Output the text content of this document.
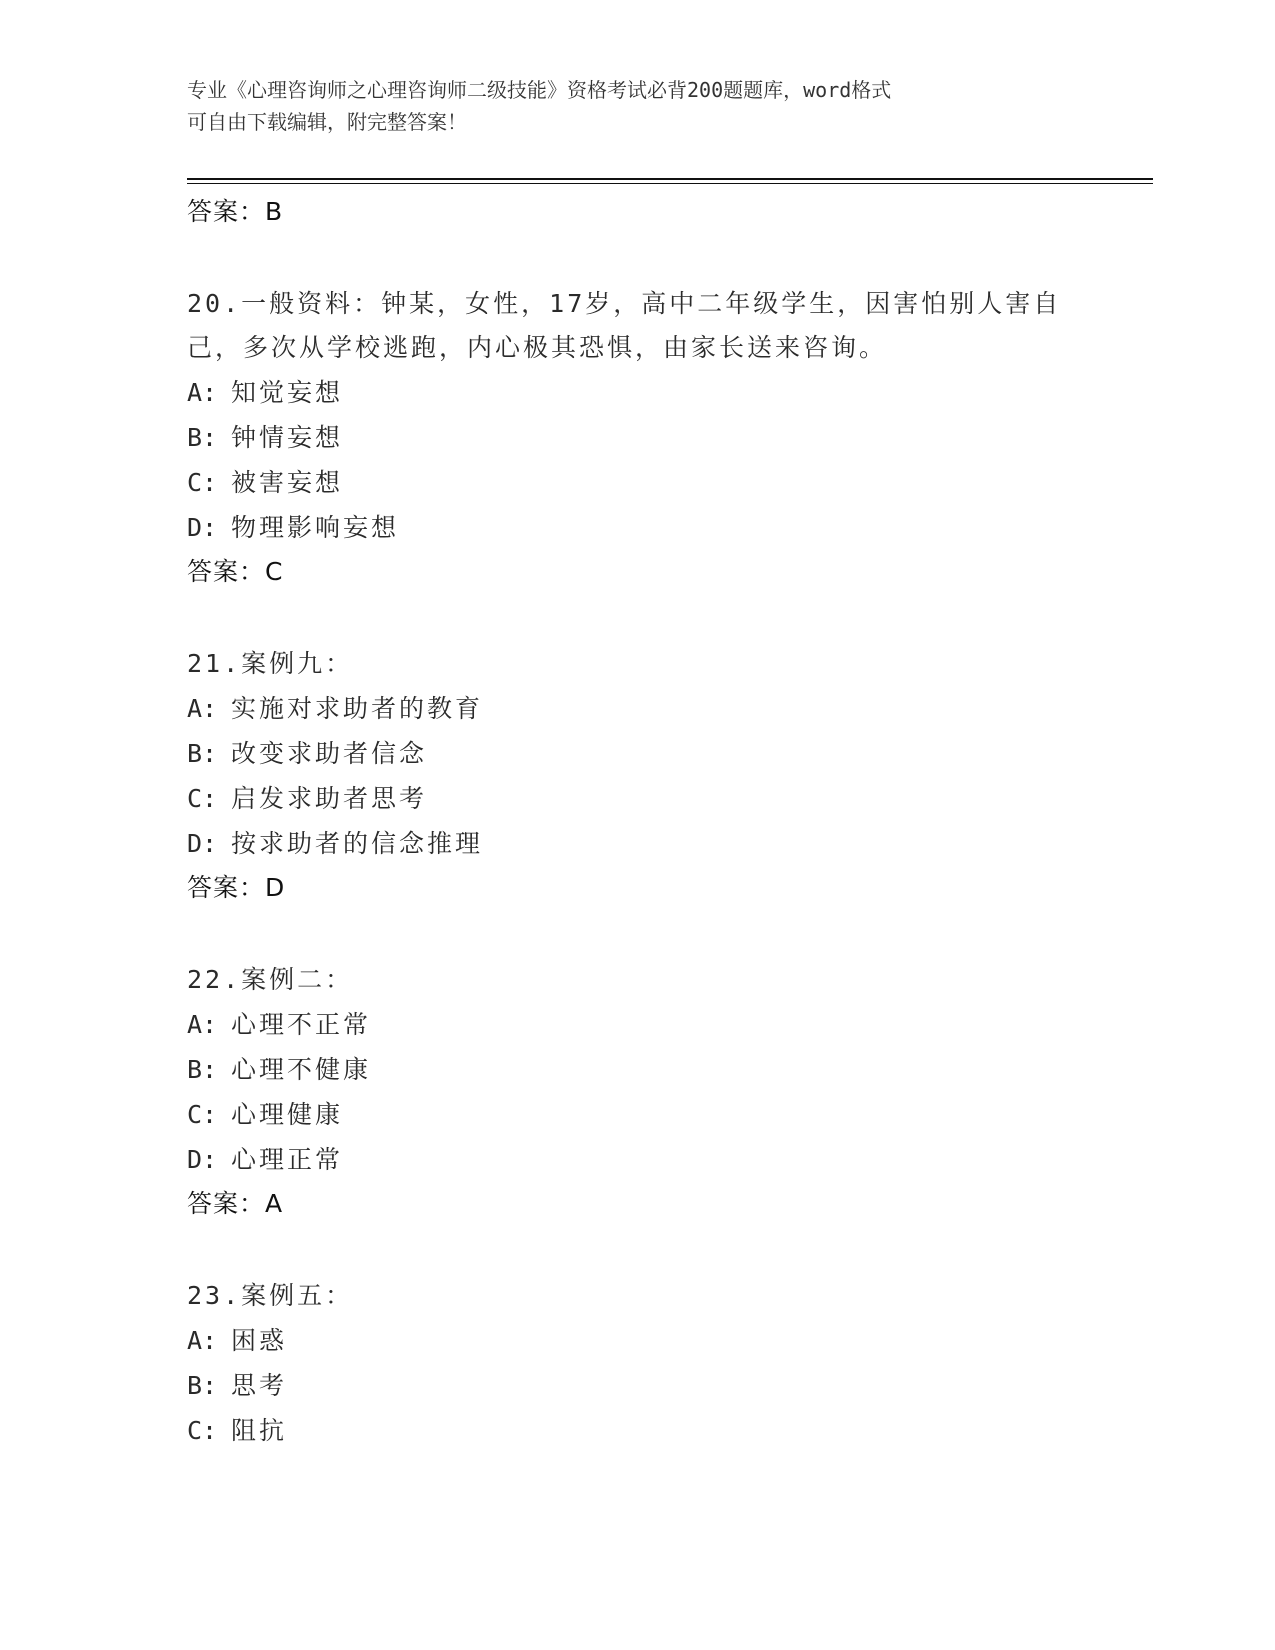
专业《心理咨询师之心理咨询师二级技能》资格考试必背200题题库，word格式
可自由下载编辑，附完整答案！
答案：B
20.一般资料：钟某，女性，17岁，高中二年级学生，因害怕别人害自己，多次从学校逃跑，内心极其恐惧，由家长送来咨询。
A: 知觉妄想
B: 钟情妄想
C: 被害妄想
D: 物理影响妄想
答案：C
21.案例九：
A: 实施对求助者的教育
B: 改变求助者信念
C: 启发求助者思考
D: 按求助者的信念推理
答案：D
22.案例二：
A: 心理不正常
B: 心理不健康
C: 心理健康
D: 心理正常
答案：A
23.案例五：
A: 困惑
B: 思考
C: 阻抗
